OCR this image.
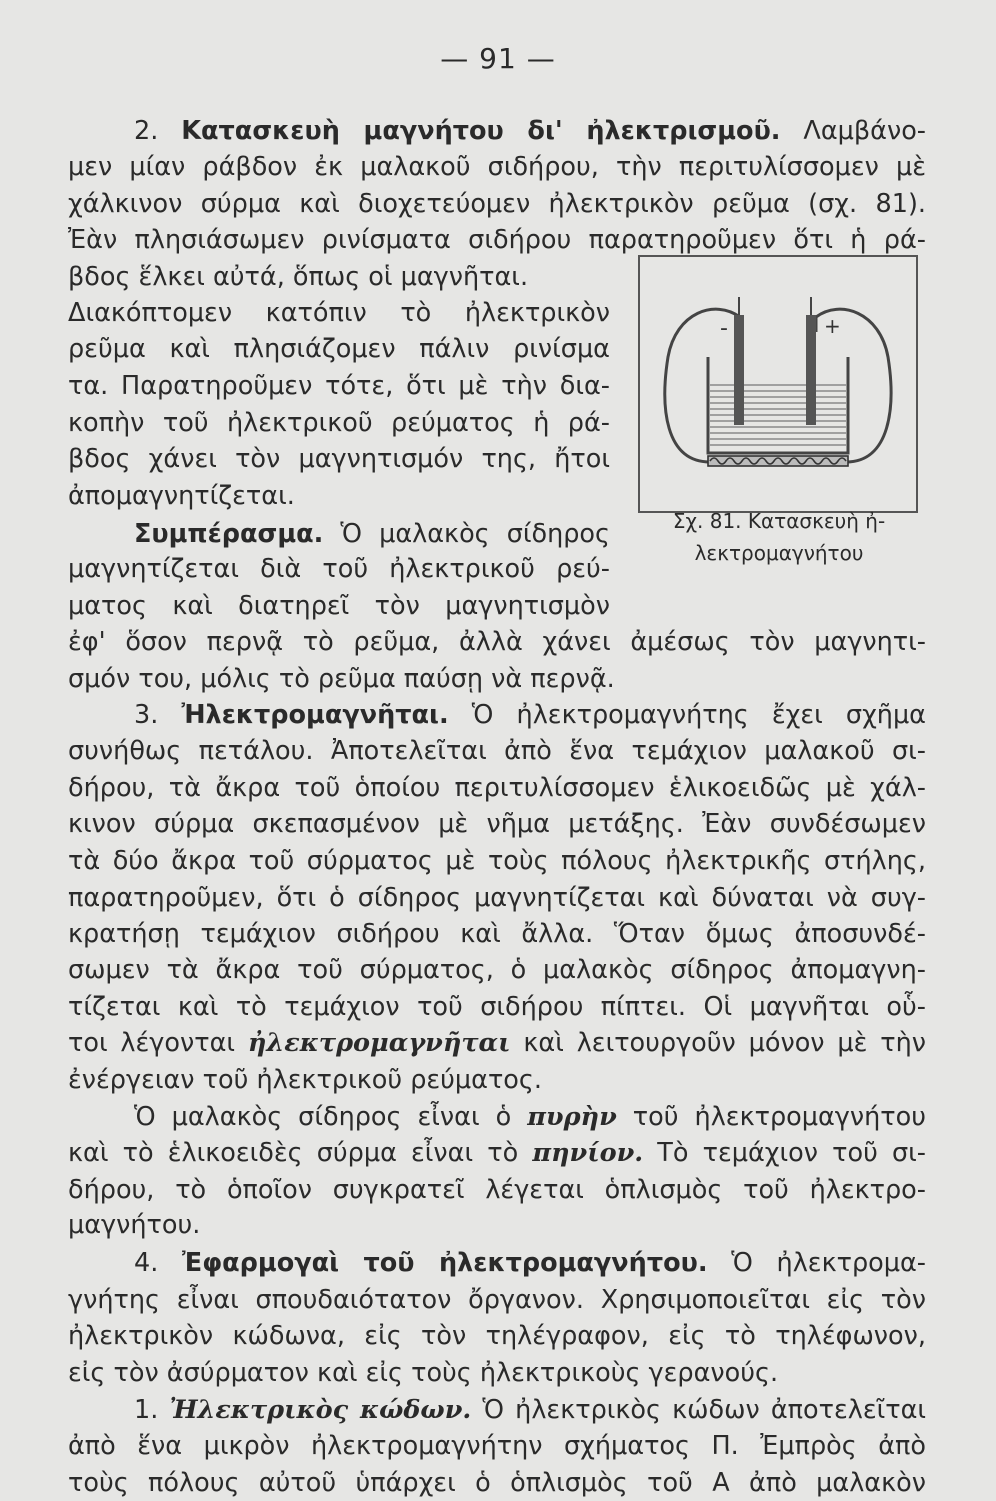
— 91 —
2. Κατασκευὴ μαγνήτου δι' ἠλεκτρισμοῦ. Λαμβάνο-
μεν μίαν ράβδον ἐκ μαλακοῦ σιδήρου, τὴν περιτυλίσσομεν μὲ
χάλκινον σύρμα καὶ διοχετεύομεν ἠλεκτρικὸν ρεῦμα (σχ. 81).
Ἐὰν πλησιάσωμεν ρινίσματα σιδήρου παρατηροῦμεν ὅτι ἡ ρά-
βδος ἕλκει αὐτά, ὅπως οἱ μαγνῆται.
Διακόπτομεν κατόπιν τὸ ἠλεκτρικὸν
ρεῦμα καὶ πλησιάζομεν πάλιν ρινίσμα
τα. Παρατηροῦμεν τότε, ὅτι μὲ τὴν δια-
κοπὴν τοῦ ἠλεκτρικοῦ ρεύματος ἡ ρά-
βδος χάνει τὸν μαγνητισμόν της, ἤτοι
ἀπομαγνητίζεται.
Συμπέρασμα. Ὁ μαλακὸς σίδηρος
μαγνητίζεται διὰ τοῦ ἠλεκτρικοῦ ρεύ-
ματος καὶ διατηρεῖ τὸν μαγνητισμὸν
ἐφ' ὅσον περνᾷ τὸ ρεῦμα, ἀλλὰ χάνει ἀμέσως τὸν μαγνητι-
σμόν του, μόλις τὸ ρεῦμα παύσῃ νὰ περνᾷ.
3. Ἠλεκτρομαγνῆται. Ὁ ἠλεκτρομαγνήτης ἔχει σχῆμα
συνήθως πετάλου. Ἀποτελεῖται ἀπὸ ἕνα τεμάχιον μαλακοῦ σι-
δήρου, τὰ ἄκρα τοῦ ὁποίου περιτυλίσσομεν ἑλικοειδῶς μὲ χάλ-
κινον σύρμα σκεπασμένον μὲ νῆμα μετάξης. Ἐὰν συνδέσωμεν
τὰ δύο ἄκρα τοῦ σύρματος μὲ τοὺς πόλους ἠλεκτρικῆς στήλης,
παρατηροῦμεν, ὅτι ὁ σίδηρος μαγνητίζεται καὶ δύναται νὰ συγ-
κρατήσῃ τεμάχιον σιδήρου καὶ ἄλλα. Ὅταν ὅμως ἀποσυνδέ-
σωμεν τὰ ἄκρα τοῦ σύρματος, ὁ μαλακὸς σίδηρος ἀπομαγνη-
τίζεται καὶ τὸ τεμάχιον τοῦ σιδήρου πίπτει. Οἱ μαγνῆται οὗ-
τοι λέγονται ἠλεκτρομαγνῆται καὶ λειτουργοῦν μόνον μὲ τὴν
ἐνέργειαν τοῦ ἠλεκτρικοῦ ρεύματος.
Ὁ μαλακὸς σίδηρος εἶναι ὁ πυρὴν τοῦ ἠλεκτρομαγνήτου
καὶ τὸ ἑλικοειδὲς σύρμα εἶναι τὸ πηνίον. Τὸ τεμάχιον τοῦ σι-
δήρου, τὸ ὁποῖον συγκρατεῖ λέγεται ὁπλισμὸς τοῦ ἠλεκτρο-
μαγνήτου.
4. Ἐφαρμογαὶ τοῦ ἠλεκτρομαγνήτου. Ὁ ἠλεκτρομα-
γνήτης εἶναι σπουδαιότατον ὄργανον. Χρησιμοποιεῖται εἰς τὸν
ἠλεκτρικὸν κώδωνα, εἰς τὸν τηλέγραφον, εἰς τὸ τηλέφωνον,
εἰς τὸν ἀσύρματον καὶ εἰς τοὺς ἠλεκτρικοὺς γερανούς.
1. Ἠλεκτρικὸς κώδων. Ὁ ἠλεκτρικὸς κώδων ἀποτελεῖται
ἀπὸ ἕνα μικρὸν ἠλεκτρομαγνήτην σχήματος Π. Ἐμπρὸς ἀπὸ
τοὺς πόλους αὐτοῦ ὑπάρχει ὁ ὁπλισμὸς τοῦ Α ἀπὸ μαλακὸν
-	+
Σχ. 81. Κατασκευὴ ἠ-
λεκτρομαγνήτου
